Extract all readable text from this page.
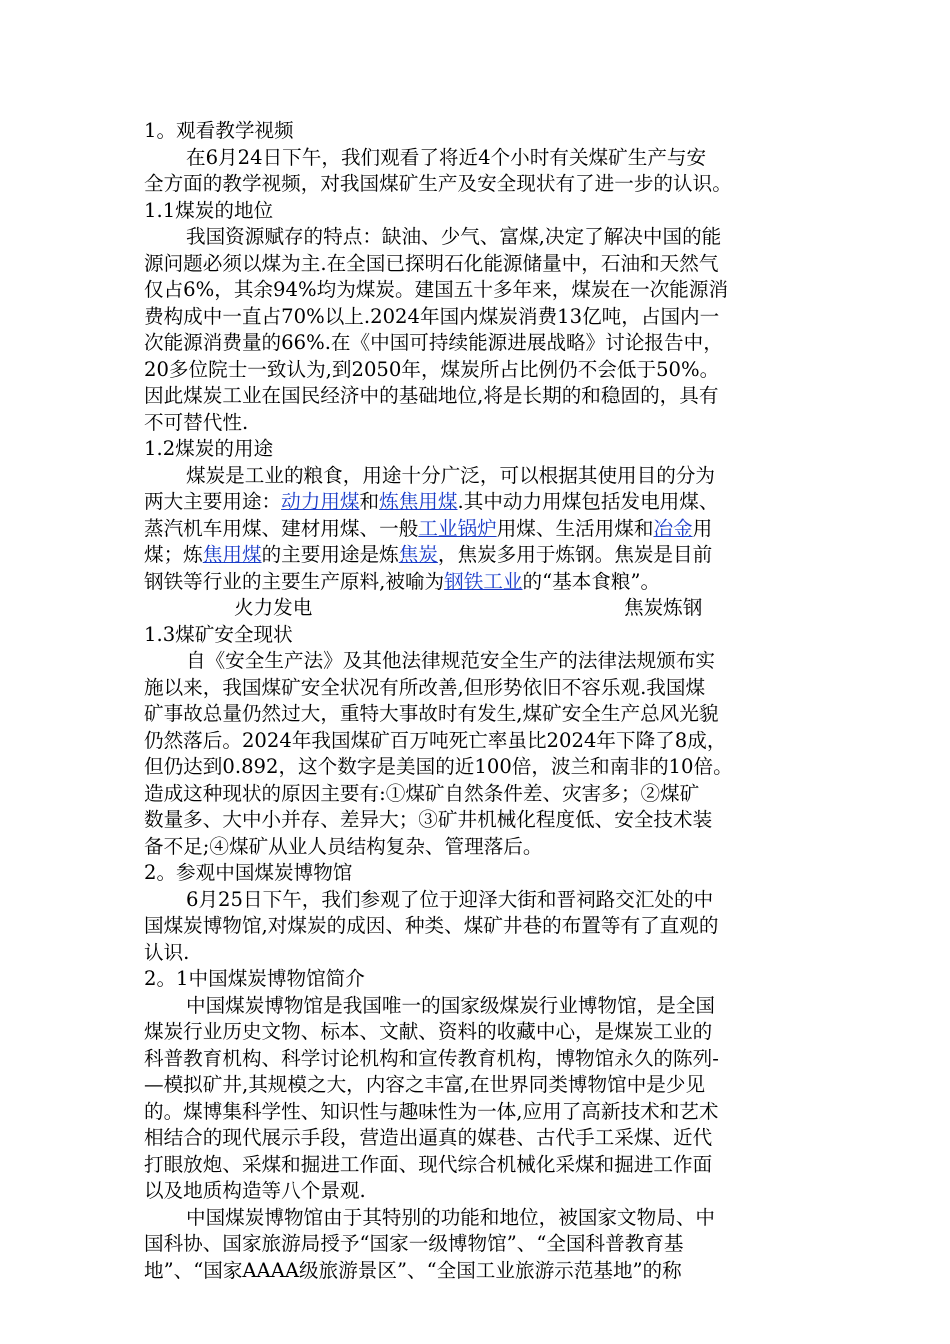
1。观看教学视频
在6月24日下午，我们观看了将近4个小时有关煤矿生产与安
全方面的教学视频，对我国煤矿生产及安全现状有了进一步的认识。
1.1煤炭的地位
我国资源赋存的特点：缺油、少气、富煤,决定了解决中国的能
源问题必须以煤为主.在全国已探明石化能源储量中，石油和天然气
仅占6%，其余94%均为煤炭。建国五十多年来，煤炭在一次能源消
费构成中一直占70%以上.2024年国内煤炭消费13亿吨，占国内一
次能源消费量的66%.在《中国可持续能源进展战略》讨论报告中，
20多位院士一致认为,到2050年，煤炭所占比例仍不会低于50%。
因此煤炭工业在国民经济中的基础地位,将是长期的和稳固的，具有
不可替代性.
1.2煤炭的用途
煤炭是工业的粮食，用途十分广泛，可以根据其使用目的分为
两大主要用途：动力用煤和炼焦用煤.其中动力用煤包括发电用煤、
蒸汽机车用煤、建材用煤、一般工业锅炉用煤、生活用煤和冶金用
煤；炼焦用煤的主要用途是炼焦炭，焦炭多用于炼钢。焦炭是目前
钢铁等行业的主要生产原料,被喻为钢铁工业的“基本食粮”。
火力发电	焦炭炼钢
1.3煤矿安全现状
自《安全生产法》及其他法律规范安全生产的法律法规颁布实
施以来，我国煤矿安全状况有所改善,但形势依旧不容乐观.我国煤
矿事故总量仍然过大，重特大事故时有发生,煤矿安全生产总风光貌
仍然落后。2024年我国煤矿百万吨死亡率虽比2024年下降了8成，
但仍达到0.892，这个数字是美国的近100倍，波兰和南非的10倍。
造成这种现状的原因主要有:①煤矿自然条件差、灾害多；②煤矿
数量多、大中小并存、差异大；③矿井机械化程度低、安全技术装
备不足;④煤矿从业人员结构复杂、管理落后。
2。参观中国煤炭博物馆
6月25日下午，我们参观了位于迎泽大街和晋祠路交汇处的中
国煤炭博物馆,对煤炭的成因、种类、煤矿井巷的布置等有了直观的
认识.
2。1中国煤炭博物馆简介
中国煤炭博物馆是我国唯一的国家级煤炭行业博物馆，是全国
煤炭行业历史文物、标本、文献、资料的收藏中心，是煤炭工业的
科普教育机构、科学讨论机构和宣传教育机构，博物馆永久的陈列-
—模拟矿井,其规模之大，内容之丰富,在世界同类博物馆中是少见
的。煤博集科学性、知识性与趣味性为一体,应用了高新技术和艺术
相结合的现代展示手段，营造出逼真的媒巷、古代手工采煤、近代
打眼放炮、采煤和掘进工作面、现代综合机械化采煤和掘进工作面
以及地质构造等八个景观.
中国煤炭博物馆由于其特别的功能和地位，被国家文物局、中
国科协、国家旅游局授予“国家一级博物馆”、“全国科普教育基
地”、“国家AAAA级旅游景区”、“全国工业旅游示范基地”的称
